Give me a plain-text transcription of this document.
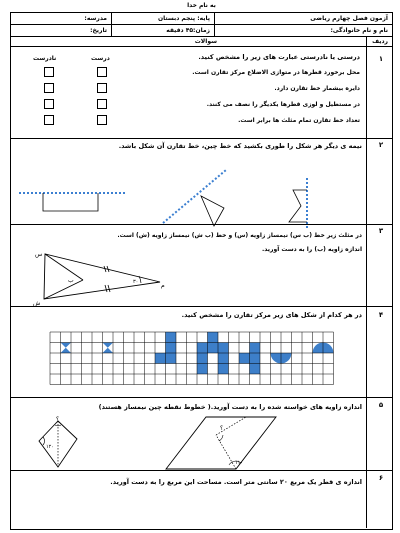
به نام خدا
آزمون فصل چهارم ریاضی
پایه: پنجم دبستان
مدرسه:
نام و نام خانوادگی:
زمان:۴۵ دقیقه
تاریخ:
ردیف
سوالات
۱
درستی یا نادرستی عبارت های زیر را مشخص کنید.
درست
نادرست
محل برخورد قطرها در متوازی الاضلاع مرکز تقارن است.
دایره بیشمار خط تقارن دارد.
در مستطیل و لوزی قطرها یکدیگر را نصف می کنند.
تعداد خط تقارن تمام مثلث ها برابر است.
۲
نیمه ی دیگر هر شکل را طوری بکشید که خط چین، خط تقارن آن شکل باشد.
۳
در مثلث زیر خط (ب س) نیمساز زاویه (س) و خط (ب ش) نیمساز زاویه (ش) است.
اندازه زاویه (ب) را به دست آورید.
س
ش
ب
م
۳۰
۴
در هر کدام از شکل های زیر مرکز تقارن را مشخص کنید.
۵
اندازه زاویه های خواسته شده را به دست آورید.( خطوط نقطه چین نیمساز هستند)
۱۲۰
؟
؟
۱۱۰
۶
اندازه ی قطر یک مربع ۲۰ سانتی متر است. مساحت این مربع را به دست آورید.
